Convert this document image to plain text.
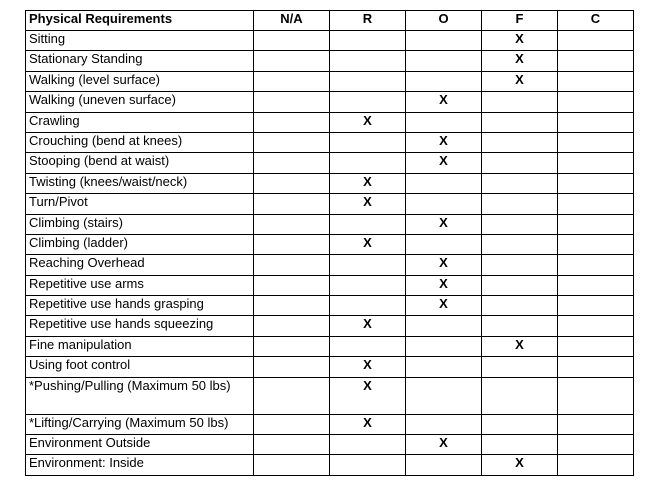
Physical Requirements	N/A	R	O	F	C
Sitting				X	
Stationary Standing				X	
Walking (level surface)				X	
Walking (uneven surface)			X		
Crawling		X			
Crouching (bend at knees)			X		
Stooping (bend at waist)			X		
Twisting (knees/waist/neck)		X			
Turn/Pivot		X			
Climbing (stairs)			X		
Climbing (ladder)		X			
Reaching Overhead			X		
Repetitive use arms			X		
Repetitive use hands grasping			X		
Repetitive use hands squeezing		X			
Fine manipulation				X	
Using foot control		X			
*Pushing/Pulling (Maximum 50 lbs)		X			
*Lifting/Carrying (Maximum 50 lbs)		X			
Environment Outside			X		
Environment: Inside				X	
